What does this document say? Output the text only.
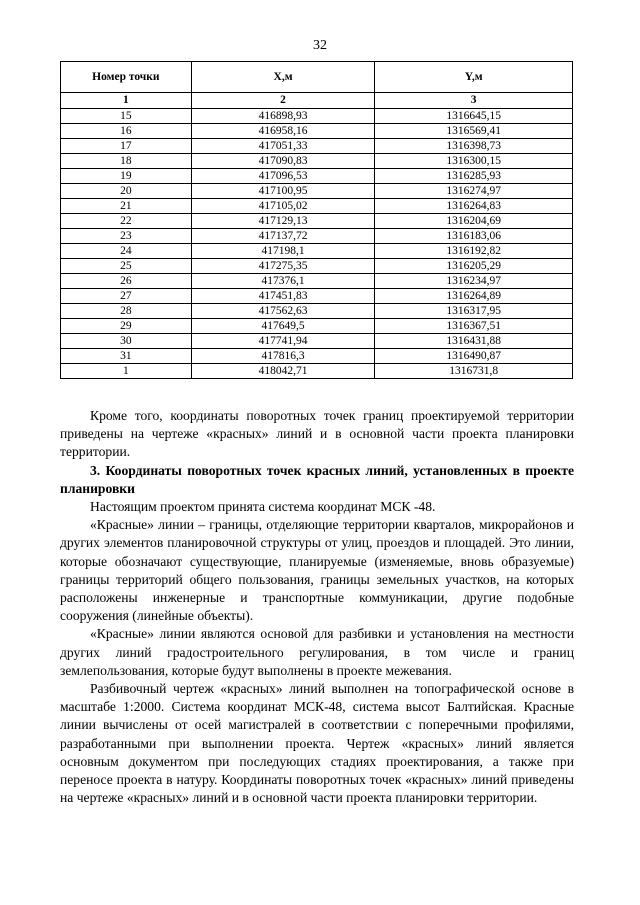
32
Номер точки	X,м	Y,м
1	2	3
15	416898,93	1316645,15
16	416958,16	1316569,41
17	417051,33	1316398,73
18	417090,83	1316300,15
19	417096,53	1316285,93
20	417100,95	1316274,97
21	417105,02	1316264,83
22	417129,13	1316204,69
23	417137,72	1316183,06
24	417198,1	1316192,82
25	417275,35	1316205,29
26	417376,1	1316234,97
27	417451,83	1316264,89
28	417562,63	1316317,95
29	417649,5	1316367,51
30	417741,94	1316431,88
31	417816,3	1316490,87
1	418042,71	1316731,8

Кроме того, координаты поворотных точек границ проектируемой территории приведены на чертеже «красных» линий и в основной части проекта планировки территории.

3. Координаты поворотных точек красных линий, установленных в проекте планировки

Настоящим проектом принята система координат МСК -48.

«Красные» линии – границы, отделяющие территории кварталов, микрорайонов и других элементов планировочной структуры от улиц, проездов и площадей. Это линии, которые обозначают существующие, планируемые (изменяемые, вновь образуемые) границы территорий общего пользования, границы земельных участков, на которых расположены инженерные и транспортные коммуникации, другие подобные сооружения (линейные объекты).

«Красные» линии являются основой для разбивки и установления на местности других линий градостроительного регулирования, в том числе и границ землепользования, которые будут выполнены в проекте межевания.

Разбивочный чертеж «красных» линий выполнен на топографической основе в масштабе 1:2000. Система координат МСК-48, система высот Балтийская. Красные линии вычислены от осей магистралей в соответствии с поперечными профилями, разработанными при выполнении проекта. Чертеж «красных» линий является основным документом при последующих стадиях проектирования, а также при переносе проекта в натуру. Координаты поворотных точек «красных» линий приведены на чертеже «красных» линий и в основной части проекта планировки территории.
